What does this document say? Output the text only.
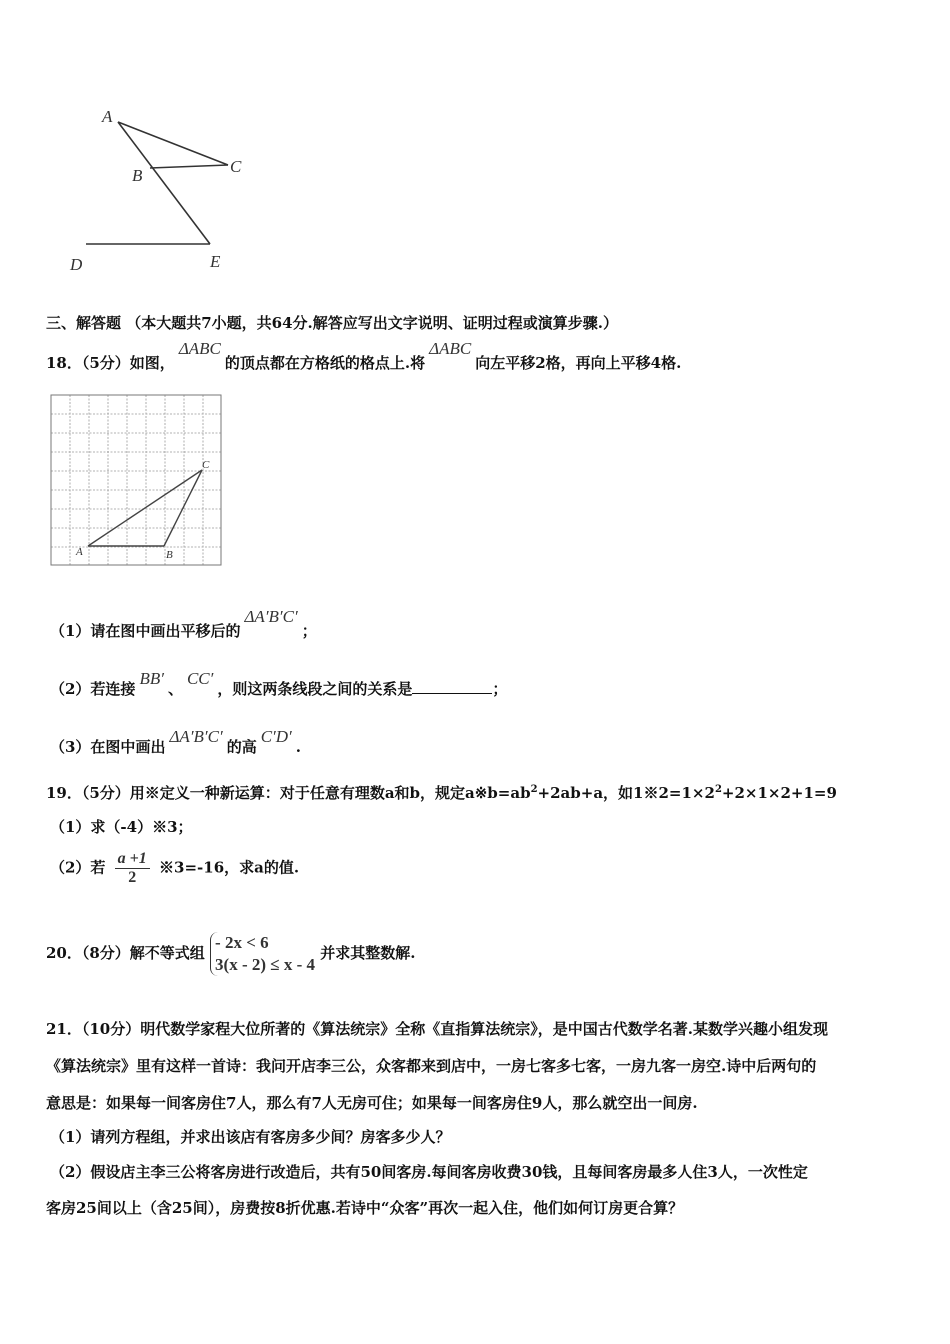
A
B	C
D	E
三、解答题 （本大题共7小题，共64分.解答应写出文字说明、证明过程或演算步骤.）
18．（5分）如图，ΔABC的顶点都在方格纸的格点上.将ΔABC向左平移2格，再向上平移4格.
A	B
C
（1）请在图中画出平移后的ΔA′B′C′；
（2）若连接BB′、CC′，则这两条线段之间的关系是	；
（3）在图中画出ΔA′B′C′的高C′D′.
19．（5分）用※定义一种新运算：对于任意有理数a和b，规定$a※b=ab^2+2ab+a$，如$1※2=1\times 2^2+2\times 1\times 2+1=9$
（1）求（-4）※3；
（2）若 $\frac{a +1}{2}$ ※3=-16，求a的值.
20．（8分）解不等式组
- 2x < 6
3(x - 2) ≤ x - 4
并求其整数解.
21．（10分）明代数学家程大位所著的《算法统宗》全称《直指算法统宗》，是中国古代数学名著.某数学兴趣小组发现
《算法统宗》里有这样一首诗：我问开店李三公，众客都来到店中，一房七客多七客，一房九客一房空.诗中后两句的
意思是：如果每一间客房住7人，那么有7人无房可住；如果每一间客房住9人，那么就空出一间房.
（1）请列方程组，并求出该店有客房多少间？房客多少人？
（2）假设店主李三公将客房进行改造后，共有50间客房.每间客房收费30钱，且每间客房最多人住3人，一次性定
客房25间以上（含25间），房费按8折优惠.若诗中“众客”再次一起入住，他们如何订房更合算？
